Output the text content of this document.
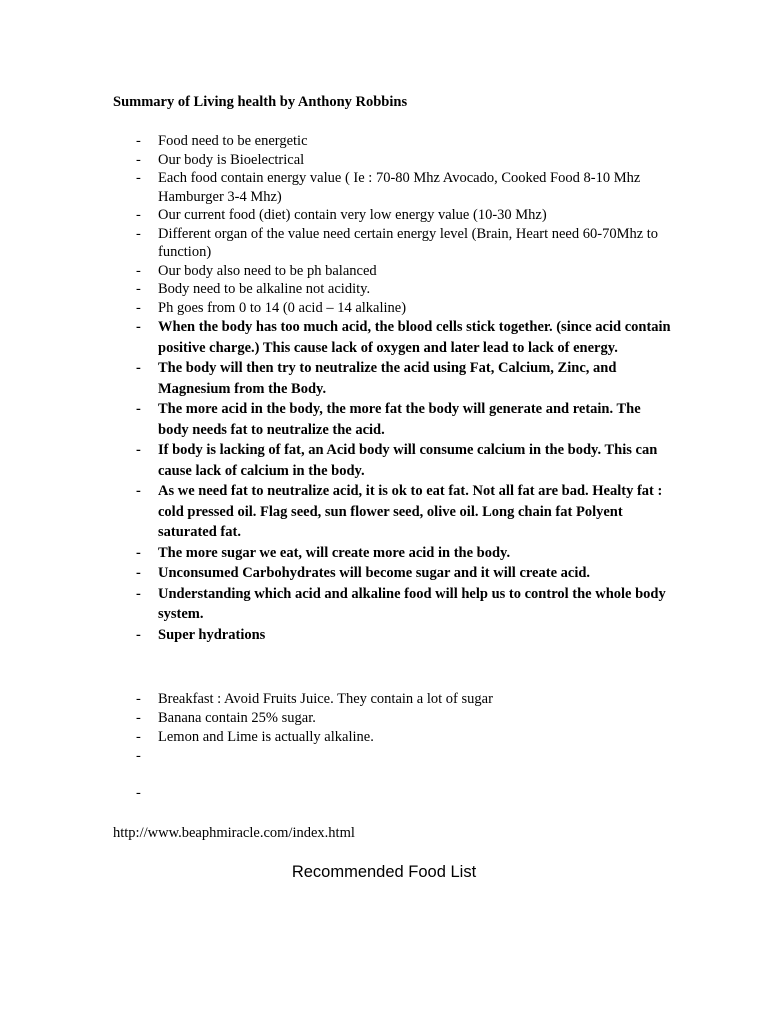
Summary of Living health by Anthony Robbins
- Food need to be energetic
- Our body is Bioelectrical
- Each food contain energy value ( Ie : 70-80 Mhz Avocado, Cooked Food 8-10 Mhz Hamburger 3-4 Mhz)
- Our current food (diet) contain very low energy value (10-30 Mhz)
- Different organ of the value need certain energy level (Brain, Heart need 60-70Mhz to function)
- Our body also need to be ph balanced
- Body need to be alkaline not acidity.
- Ph goes from 0 to 14 (0 acid – 14 alkaline)
- When the body has too much acid, the blood cells stick together. (since acid contain positive charge.) This cause lack of oxygen and later lead to lack of energy.
- The body will then try to neutralize the acid using Fat, Calcium, Zinc, and Magnesium from the Body.
- The more acid in the body, the more fat the body will generate and retain. The body needs fat to neutralize the acid.
- If body is lacking of fat, an Acid body will consume calcium in the body. This can cause lack of calcium in the body.
- As we need fat to neutralize acid, it is ok to eat fat. Not all fat are bad. Healty fat : cold pressed oil. Flag seed, sun flower seed, olive oil. Long chain fat Polyent saturated fat.
- The more sugar we eat, will create more acid in the body.
- Unconsumed Carbohydrates will become sugar and it will create acid.
- Understanding which acid and alkaline food will help us to control the whole body system.
- Super hydrations
- Breakfast : Avoid Fruits Juice. They contain a lot of sugar
- Banana contain 25% sugar.
- Lemon and Lime is actually alkaline.
-
-
http://www.beaphmiracle.com/index.html
Recommended Food List
